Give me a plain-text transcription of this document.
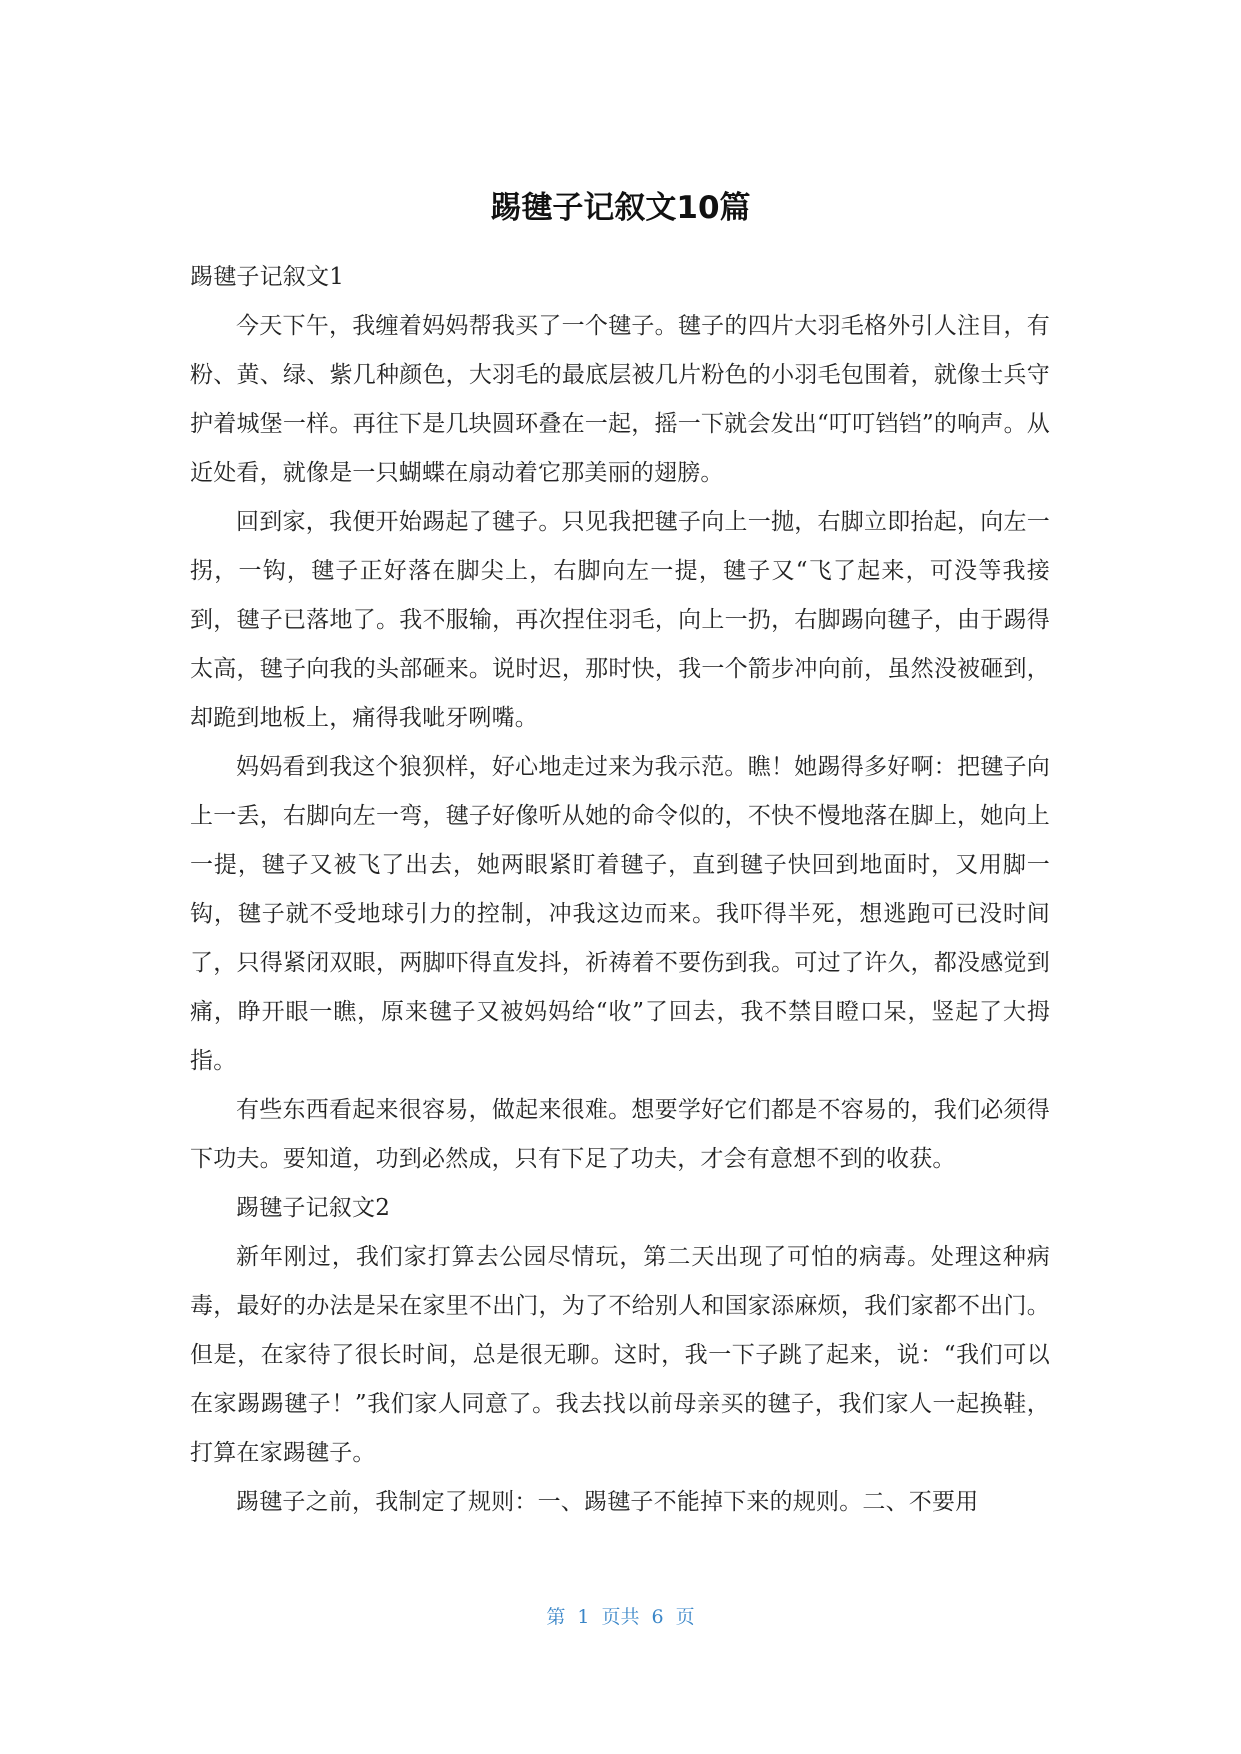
踢毽子记叙文10篇

踢毽子记叙文1

今天下午，我缠着妈妈帮我买了一个毽子。毽子的四片大羽毛格外引人注目，有粉、黄、绿、紫几种颜色，大羽毛的最底层被几片粉色的小羽毛包围着，就像士兵守护着城堡一样。再往下是几块圆环叠在一起，摇一下就会发出“叮叮铛铛”的响声。从近处看，就像是一只蝴蝶在扇动着它那美丽的翅膀。

回到家，我便开始踢起了毽子。只见我把毽子向上一抛，右脚立即抬起，向左一拐，一钩，毽子正好落在脚尖上，右脚向左一提，毽子又“飞了起来，可没等我接到，毽子已落地了。我不服输，再次捏住羽毛，向上一扔，右脚踢向毽子，由于踢得太高，毽子向我的头部砸来。说时迟，那时快，我一个箭步冲向前，虽然没被砸到，却跪到地板上，痛得我呲牙咧嘴。

妈妈看到我这个狼狈样，好心地走过来为我示范。瞧！她踢得多好啊：把毽子向上一丢，右脚向左一弯，毽子好像听从她的命令似的，不快不慢地落在脚上，她向上一提，毽子又被飞了出去，她两眼紧盯着毽子，直到毽子快回到地面时，又用脚一钩，毽子就不受地球引力的控制，冲我这边而来。我吓得半死，想逃跑可已没时间了，只得紧闭双眼，两脚吓得直发抖，祈祷着不要伤到我。可过了许久，都没感觉到痛，睁开眼一瞧，原来毽子又被妈妈给“收”了回去，我不禁目瞪口呆，竖起了大拇指。

有些东西看起来很容易，做起来很难。想要学好它们都是不容易的，我们必须得下功夫。要知道，功到必然成，只有下足了功夫，才会有意想不到的收获。

踢毽子记叙文2

新年刚过，我们家打算去公园尽情玩，第二天出现了可怕的病毒。处理这种病毒，最好的办法是呆在家里不出门，为了不给别人和国家添麻烦，我们家都不出门。但是，在家待了很长时间，总是很无聊。这时，我一下子跳了起来，说：“我们可以在家踢踢毽子！”我们家人同意了。我去找以前母亲买的毽子，我们家人一起换鞋，打算在家踢毽子。

踢毽子之前，我制定了规则：一、踢毽子不能掉下来的规则。二、不要用

第 1 页共 6 页
